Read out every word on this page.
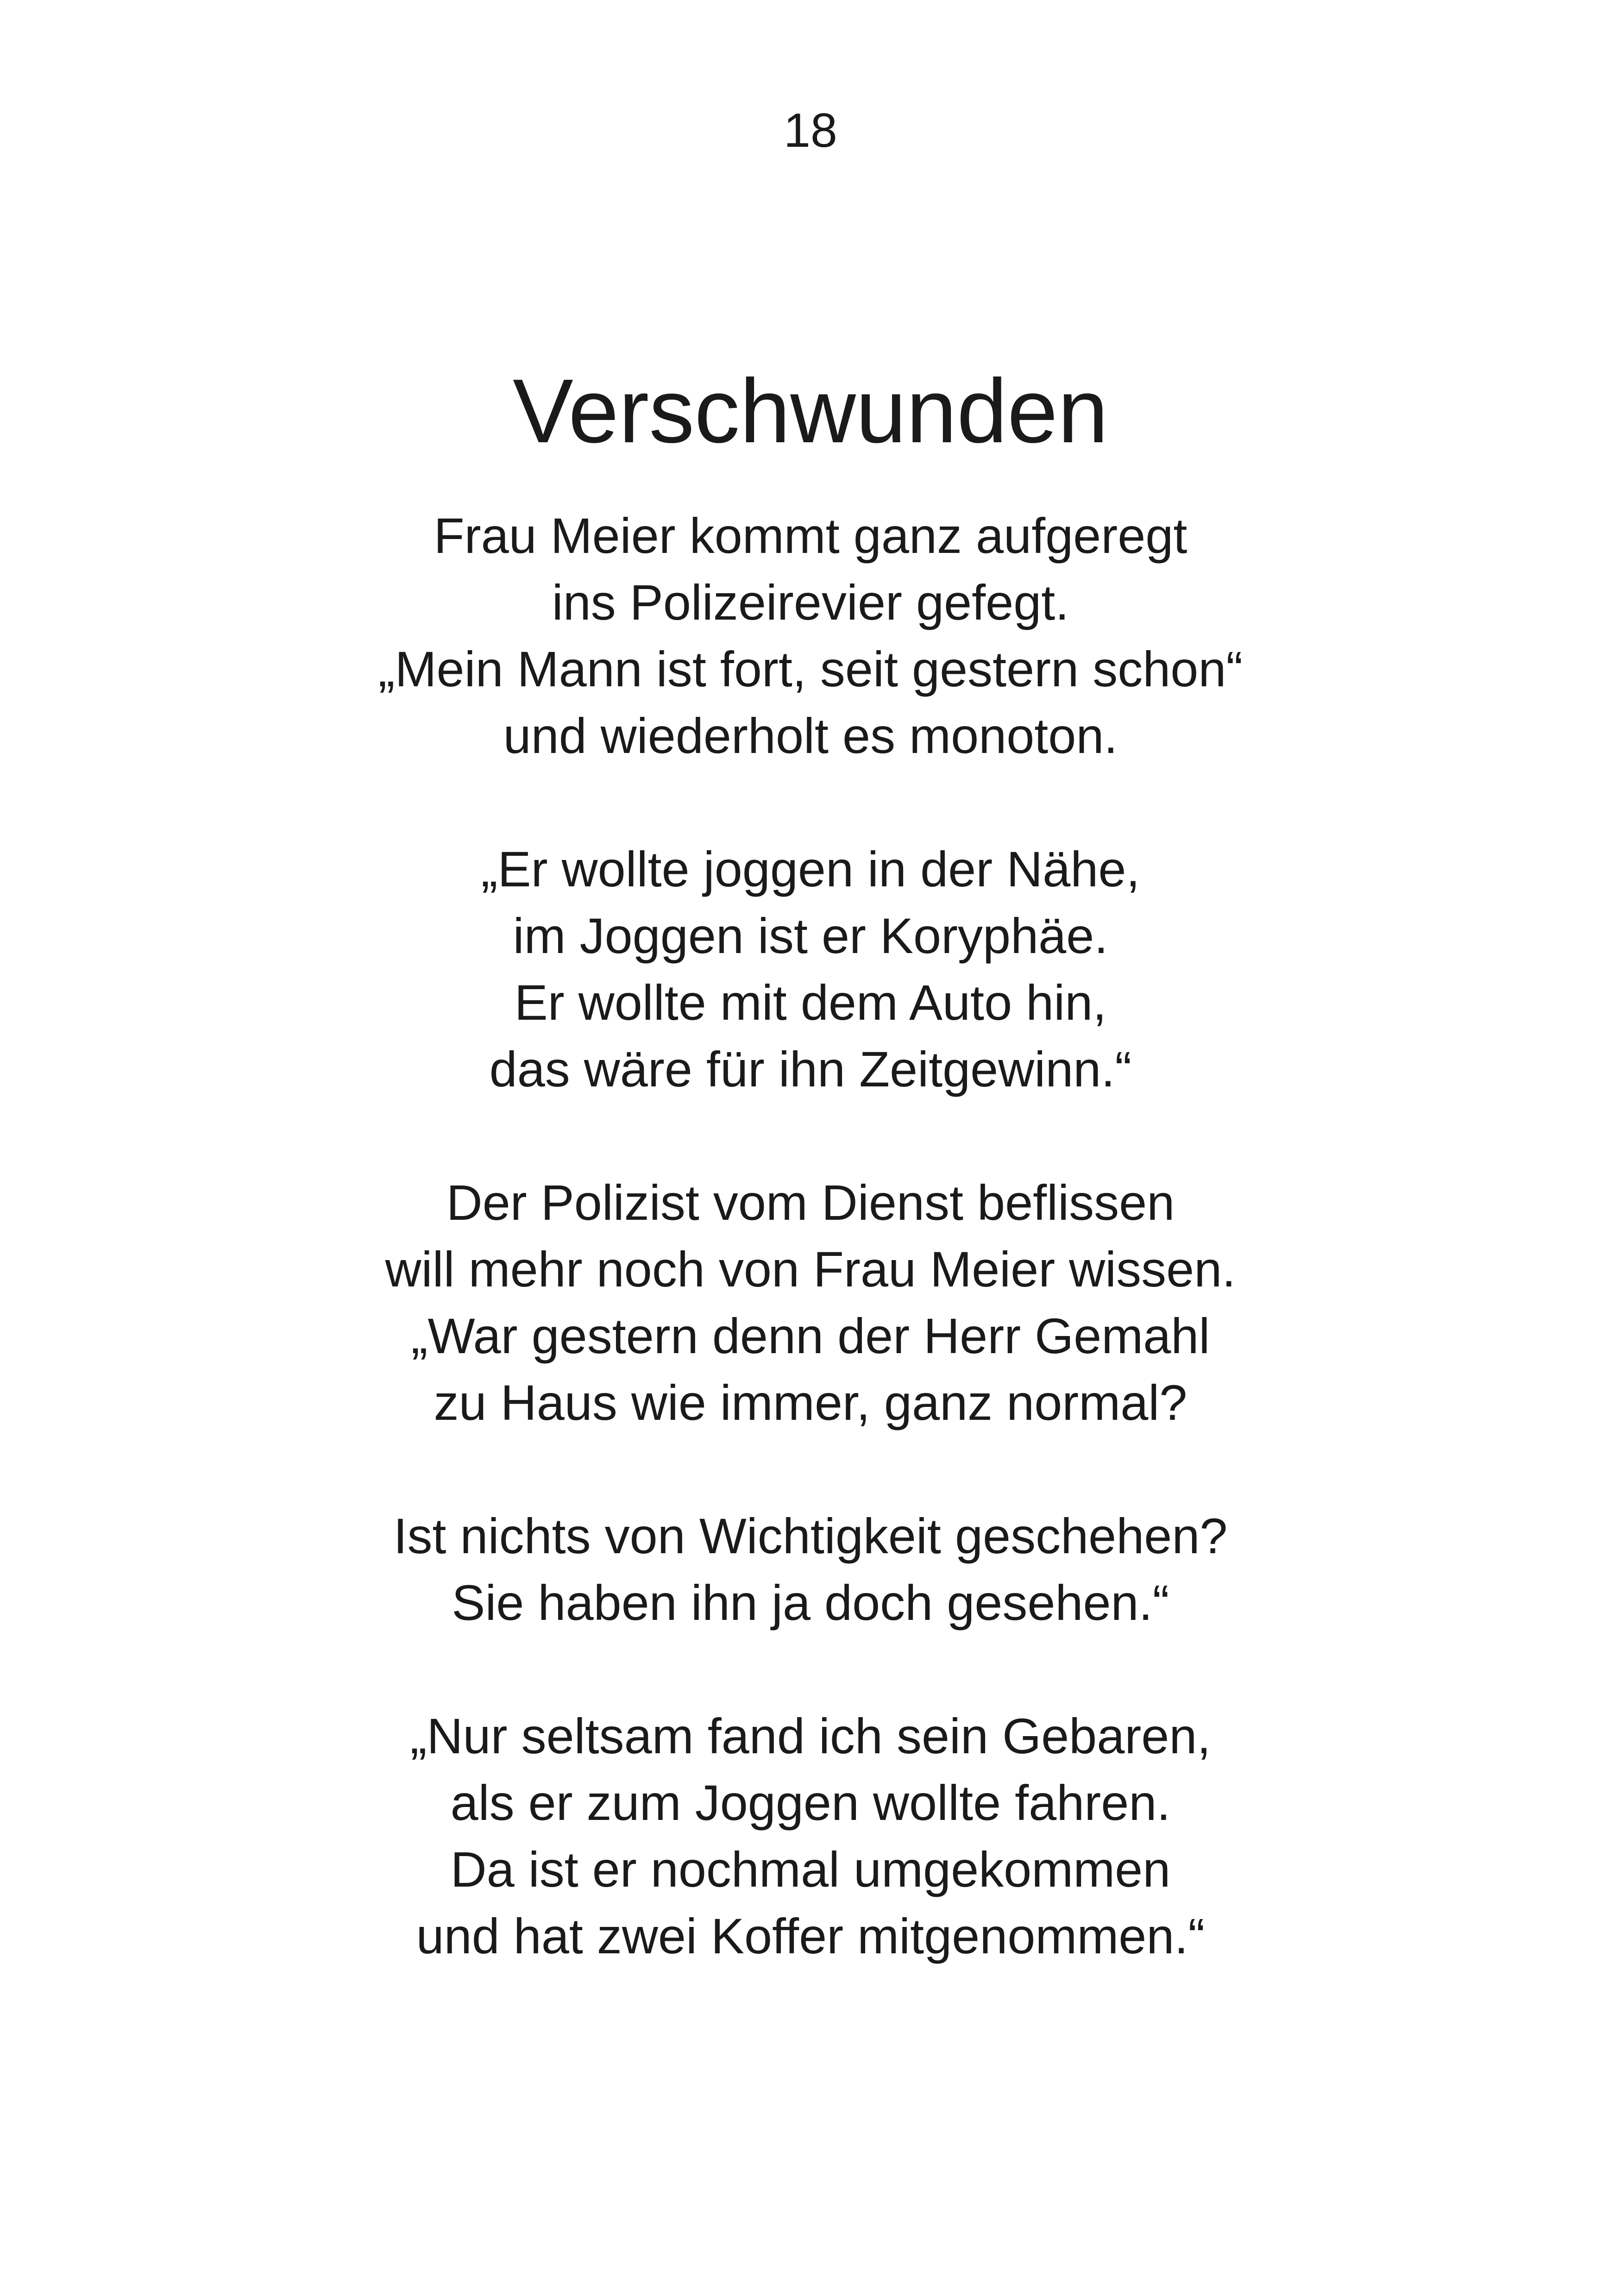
18
Verschwunden
Frau Meier kommt ganz aufgeregt
ins Polizeirevier gefegt.
„Mein Mann ist fort, seit gestern schon“
und wiederholt es monoton.
„Er wollte joggen in der Nähe,
im Joggen ist er Koryphäe.
Er wollte mit dem Auto hin,
das wäre für ihn Zeitgewinn.“
Der Polizist vom Dienst beflissen
will mehr noch von Frau Meier wissen.
„War gestern denn der Herr Gemahl
zu Haus wie immer, ganz normal?
Ist nichts von Wichtigkeit geschehen?
Sie haben ihn ja doch gesehen.“
„Nur seltsam fand ich sein Gebaren,
als er zum Joggen wollte fahren.
Da ist er nochmal umgekommen
und hat zwei Koffer mitgenommen.“
